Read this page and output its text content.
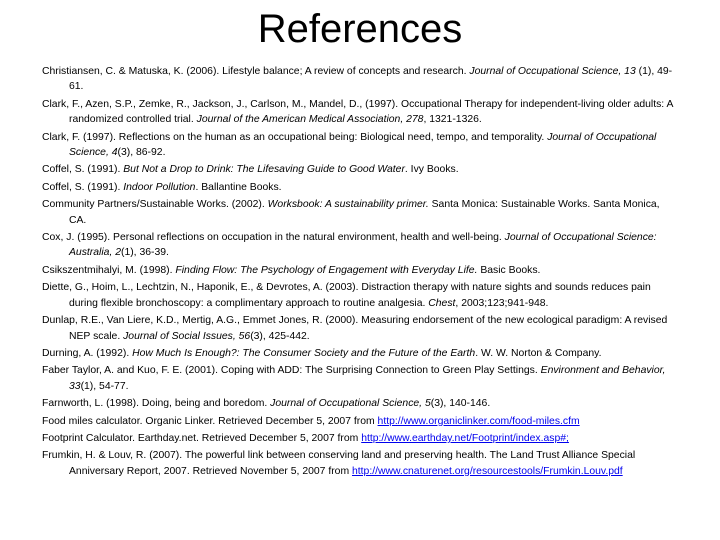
References
Christiansen, C. & Matuska, K. (2006). Lifestyle balance; A review of concepts and research. Journal of Occupational Science, 13 (1), 49-61.
Clark, F., Azen, S.P., Zemke, R., Jackson, J., Carlson, M., Mandel, D., (1997). Occupational Therapy for independent-living older adults: A randomized controlled trial. Journal of the American Medical Association, 278, 1321-1326.
Clark, F. (1997). Reflections on the human as an occupational being: Biological need, tempo, and temporality. Journal of Occupational Science, 4(3), 86-92.
Coffel, S. (1991). But Not a Drop to Drink: The Lifesaving Guide to Good Water. Ivy Books.
Coffel, S. (1991). Indoor Pollution. Ballantine Books.
Community Partners/Sustainable Works. (2002). Worksbook: A sustainability primer. Santa Monica: Sustainable Works. Santa Monica, CA.
Cox, J. (1995). Personal reflections on occupation in the natural environment, health and well-being. Journal of Occupational Science: Australia, 2(1), 36-39.
Csikszentmihalyi, M. (1998). Finding Flow: The Psychology of Engagement with Everyday Life. Basic Books.
Diette, G., Hoim, L., Lechtzin, N., Haponik, E., & Devrotes, A. (2003). Distraction therapy with nature sights and sounds reduces pain during flexible bronchoscopy: a complimentary approach to routine analgesia. Chest, 2003;123;941-948.
Dunlap, R.E., Van Liere, K.D., Mertig, A.G., Emmet Jones, R. (2000). Measuring endorsement of the new ecological paradigm: A revised NEP scale. Journal of Social Issues, 56(3), 425-442.
Durning, A. (1992). How Much Is Enough?: The Consumer Society and the Future of the Earth. W. W. Norton & Company.
Faber Taylor, A. and Kuo, F. E. (2001). Coping with ADD: The Surprising Connection to Green Play Settings. Environment and Behavior, 33(1), 54-77.
Farnworth, L. (1998). Doing, being and boredom. Journal of Occupational Science, 5(3), 140-146.
Food miles calculator. Organic Linker. Retrieved December 5, 2007 from http://www.organiclinker.com/food-miles.cfm
Footprint Calculator. Earthday.net. Retrieved December 5, 2007 from http://www.earthday.net/Footprint/index.asp#;
Frumkin, H. & Louv, R. (2007). The powerful link between conserving land and preserving health. The Land Trust Alliance Special Anniversary Report, 2007. Retrieved November 5, 2007 from http://www.cnaturenet.org/resourcestools/Frumkin.Louv.pdf
